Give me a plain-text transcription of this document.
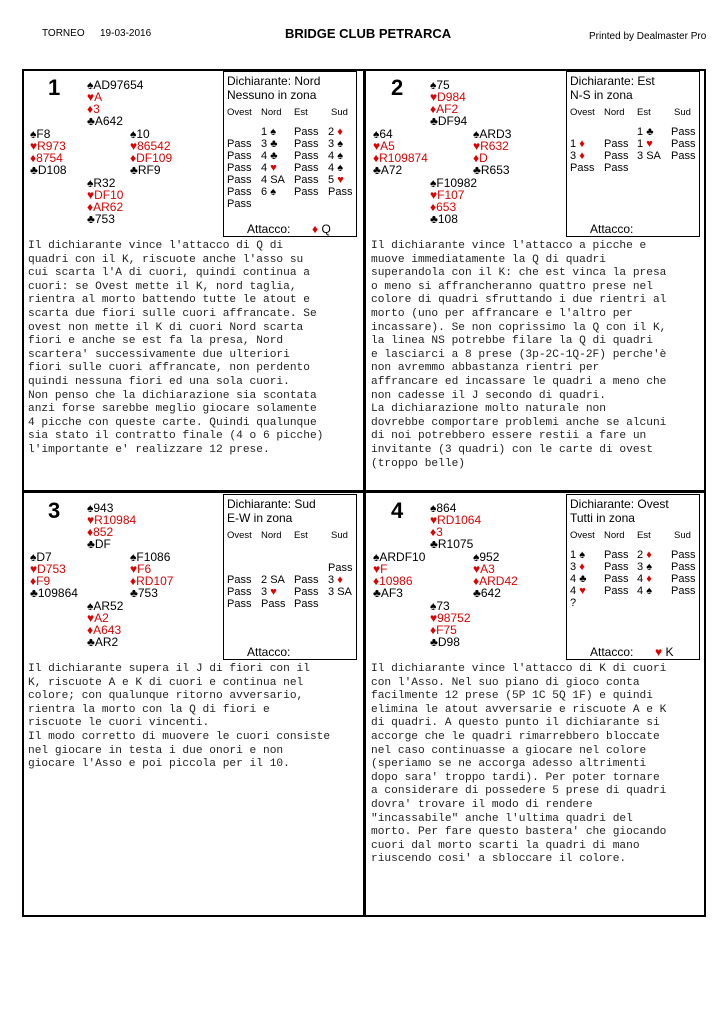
TORNEO 19-03-2016	BRIDGE CLUB PETRARCA	Printed by Dealmaster Pro
1 ♠AD97654
♥A
♦3
♣A642
♠F8
♥R973
♦8754
♣D108
♠10
♥86542
♦DF109
♣RF9
♠R32
♥DF10
♦AR62
♣753
Dichiarante: Nord
Nessuno in zona
Ovest Nord Est Sud

Pass
Pass
Pass
Pass
Pass
Pass
1 ♠
3 ♣
4 ♣
4 ♥
4 SA
6 ♠
Pass
Pass
Pass
Pass
Pass
Pass
2 ♦
3 ♠
4 ♠
4 ♠
5 ♥
Pass
Attacco: ♦ Q
Il dichiarante vince l'attacco di Q di
quadri con il K, riscuote anche l'asso su
cui scarta l'A di cuori, quindi continua a
cuori: se Ovest mette il K, nord taglia,
rientra al morto battendo tutte le atout e
scarta due fiori sulle cuori affrancate. Se
ovest non mette il K di cuori Nord scarta
fiori e anche se est fa la presa, Nord
scartera' successivamente due ulteriori
fiori sulle cuori affrancate, non perdento
quindi nessuna fiori ed una sola cuori.
Non penso che la dichiarazione sia scontata
anzi forse sarebbe meglio giocare solamente
4 picche con queste carte. Quindi qualunque
sia stato il contratto finale (4 o 6 picche)
l'importante e' realizzare 12 prese.
2 ♠75
♥D984
♦AF2
♣DF94
♠64
♥A5
♦R109874
♣A72
♠ARD3
♥R632
♦D
♣R653
♠F10982
♥F107
♦653
♣108
Dichiarante: Est
N-S in zona
Ovest Nord Est Sud

1 ♦
3 ♦
Pass

Pass
Pass
Pass
1 ♣
1 ♥
3 SA
Pass
Pass
Pass
Attacco:
Il dichiarante vince l'attacco a picche e
muove immediatamente la Q di quadri
superandola con il K: che est vinca la presa
o meno si affrancheranno quattro prese nel
colore di quadri sfruttando i due rientri al
morto (uno per affrancare e l'altro per
incassare). Se non coprissimo la Q con il K,
la linea NS potrebbe filare la Q di quadri
e lasciarci a 8 prese (3p-2C-1Q-2F) perche'è
non avremmo abbastanza rientri per
affrancare ed incassare le quadri a meno che
non cadesse il J secondo di quadri.
La dichiarazione molto naturale non
dovrebbe comportare problemi anche se alcuni
di noi potrebbero essere restii a fare un
invitante (3 quadri) con le carte di ovest
(troppo belle)
3 ♠943
♥R10984
♦852
♣DF
♠D7
♥D753
♦F9
♣109864
♠F1086
♥F6
♦RD107
♣753
♠AR52
♥A2
♦A643
♣AR2
Dichiarante: Sud
E-W in zona
Ovest Nord Est Sud

Pass
Pass
Pass

2 SA
3 ♥
Pass

Pass
Pass
Pass
Pass
3 ♦
3 SA
Attacco:
Il dichiarante supera il J di fiori con il
K, riscuote A e K di cuori e continua nel
colore; con qualunque ritorno avversario,
rientra la morto con la Q di fiori e
riscuote le cuori vincenti.
Il modo corretto di muovere le cuori consiste
nel giocare in testa i due onori e non
giocare l'Asso e poi piccola per il 10.
4 ♠864
♥RD1064
♦3
♣R1075
♠ARDF10
♥F
♦10986
♣AF3
♠952
♥A3
♦ARD42
♣642
♠73
♥98752
♦F75
♣D98
Dichiarante: Ovest
Tutti in zona
Ovest Nord Est Sud
1 ♠
3 ♦
4 ♣
4 ♥
?
Pass
Pass
Pass
Pass
2 ♦
3 ♠
4 ♦
4 ♠
Pass
Pass
Pass
Pass
Attacco: ♥ K
Il dichiarante vince l'attacco di K di cuori
con l'Asso. Nel suo piano di gioco conta
facilmente 12 prese (5P 1C 5Q 1F) e quindi
elimina le atout avversarie e riscuote A e K
di quadri. A questo punto il dichiarante si
accorge che le quadri rimarrebbero bloccate
nel caso continuasse a giocare nel colore
(speriamo se ne accorga adesso altrimenti
dopo sara' troppo tardi). Per poter tornare
a considerare di possedere 5 prese di quadri
dovra' trovare il modo di rendere
"incassabile" anche l'ultima quadri del
morto. Per fare questo bastera' che giocando
cuori dal morto scarti la quadri di mano
riuscendo cosi' a sbloccare il colore.
